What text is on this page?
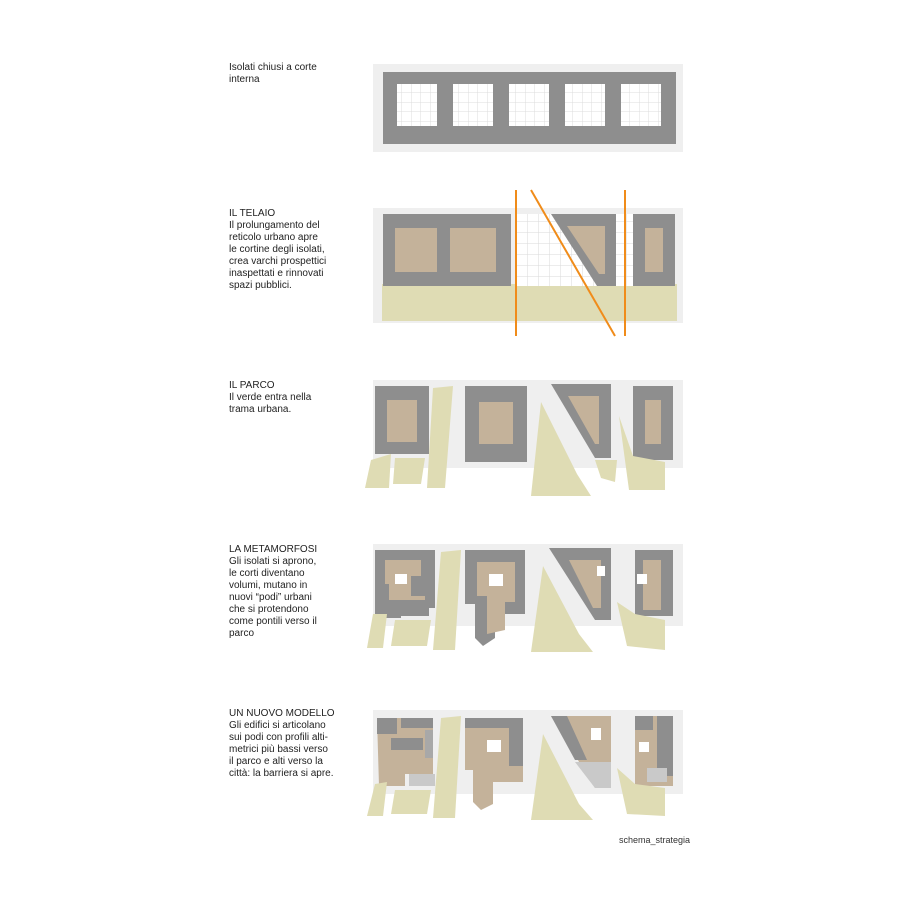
Isolati chiusi a corte
interna
IL TELAIO
Il prolungamento del
reticolo urbano apre
le cortine degli isolati,
crea varchi prospettici
inaspettati e rinnovati
spazi pubblici.
IL PARCO
Il verde entra nella
trama urbana.
LA METAMORFOSI
Gli isolati si aprono,
le corti diventano
volumi, mutano in
nuovi “podi” urbani
che si protendono
come pontili verso il
parco
UN NUOVO MODELLO
Gli edifici si articolano
sui podi con profili alti-
metrici più bassi verso
il parco e alti verso la
città: la barriera si apre.
schema_strategia
